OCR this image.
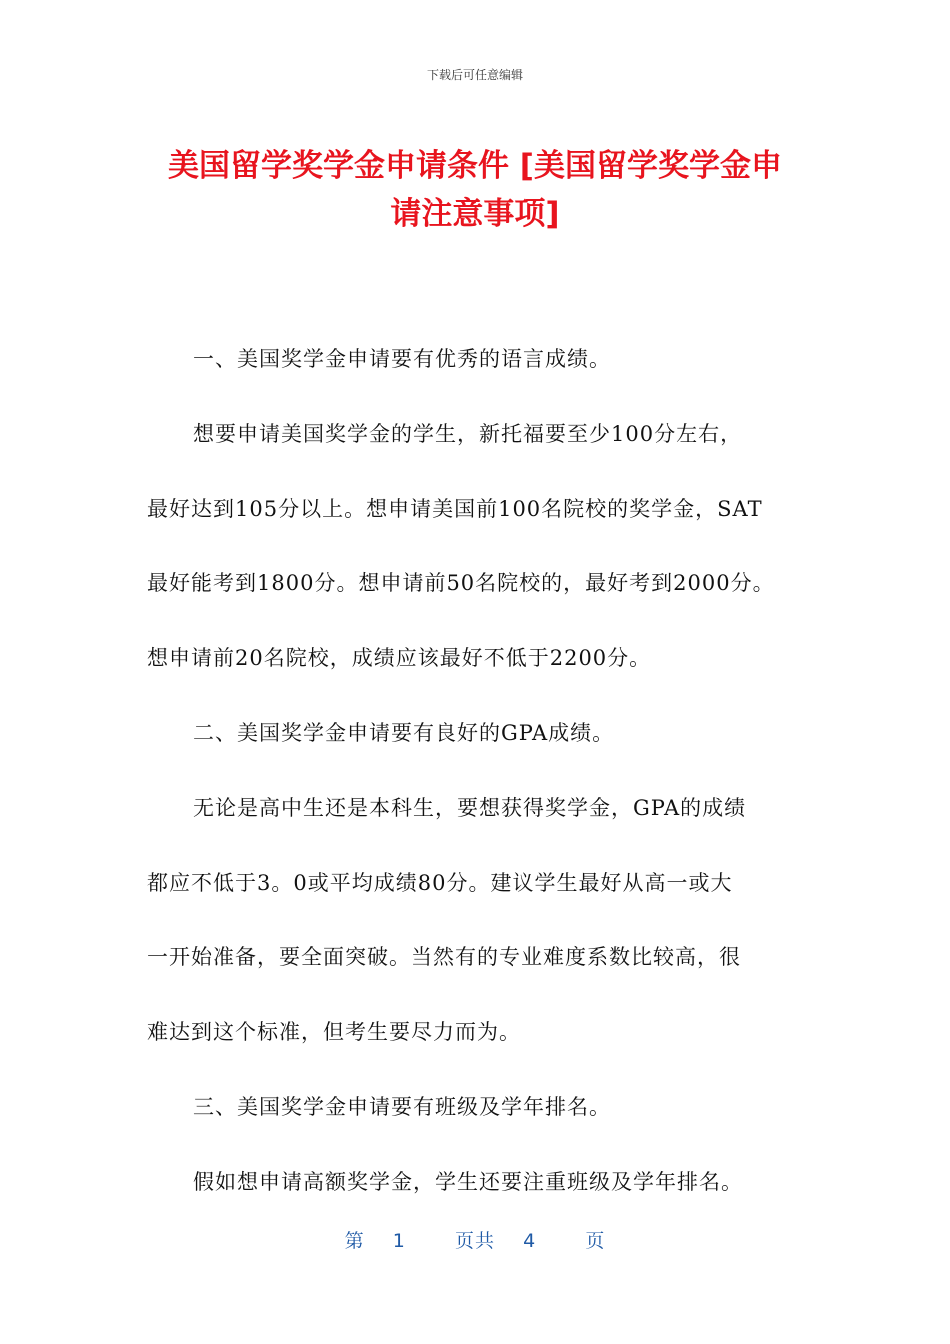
下载后可任意编辑
美国留学奖学金申请条件 [美国留学奖学金申
请注意事项]
一、美国奖学金申请要有优秀的语言成绩。
想要申请美国奖学金的学生，新托福要至少100分左右，
最好达到105分以上。想申请美国前100名院校的奖学金，SAT
最好能考到1800分。想申请前50名院校的，最好考到2000分。
想申请前20名院校，成绩应该最好不低于2200分。
二、美国奖学金申请要有良好的GPA成绩。
无论是高中生还是本科生，要想获得奖学金，GPA的成绩
都应不低于3。0或平均成绩80分。建议学生最好从高一或大
一开始准备，要全面突破。当然有的专业难度系数比较高，很
难达到这个标准，但考生要尽力而为。
三、美国奖学金申请要有班级及学年排名。
假如想申请高额奖学金，学生还要注重班级及学年排名。
第 1	页共 4	页
